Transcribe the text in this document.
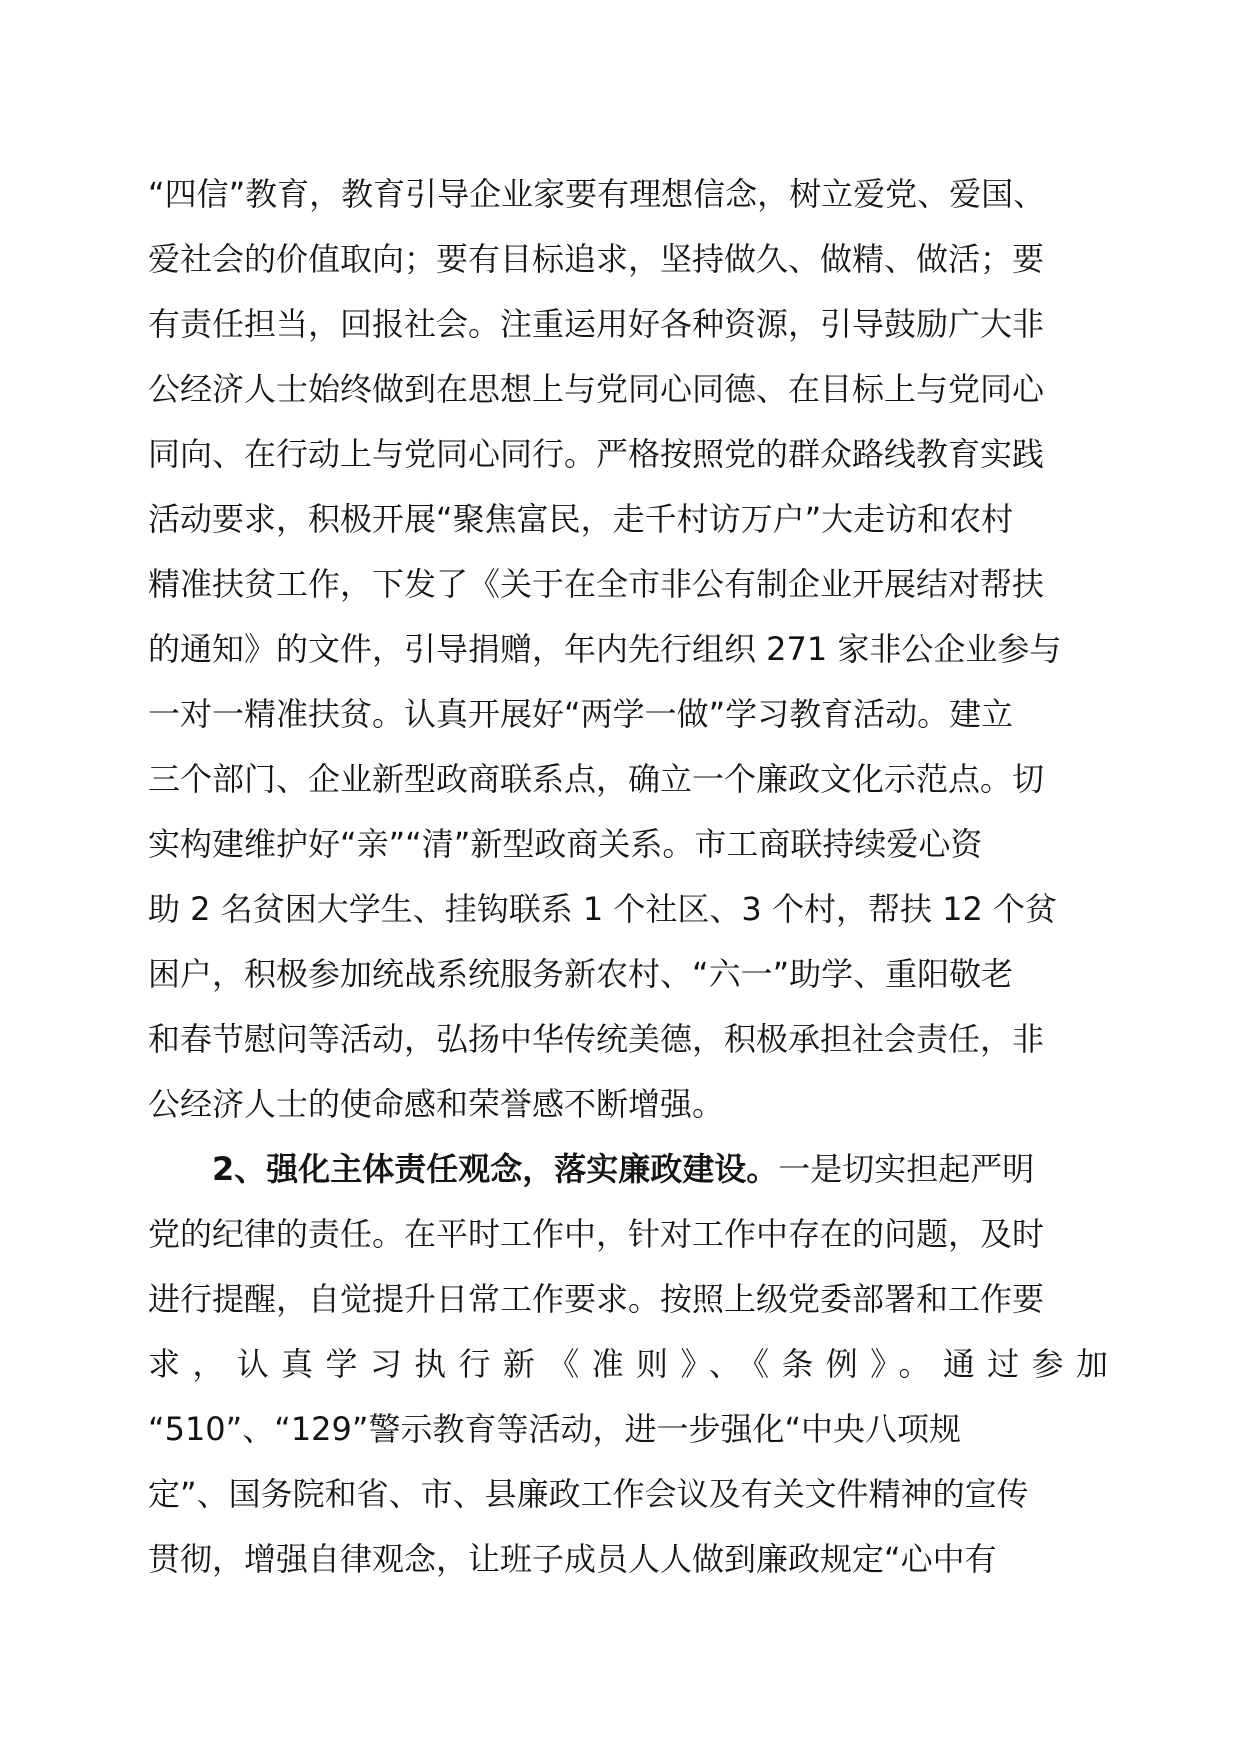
“四信”教育，教育引导企业家要有理想信念，树立爱党、爱国、
爱社会的价值取向；要有目标追求，坚持做久、做精、做活；要
有责任担当，回报社会。注重运用好各种资源，引导鼓励广大非
公经济人士始终做到在思想上与党同心同德、在目标上与党同心
同向、在行动上与党同心同行。严格按照党的群众路线教育实践
活动要求，积极开展“聚焦富民，走千村访万户”大走访和农村
精准扶贫工作，下发了《关于在全市非公有制企业开展结对帮扶
的通知》的文件，引导捐赠，年内先行组织 271 家非公企业参与
一对一精准扶贫。认真开展好“两学一做”学习教育活动。建立
三个部门、企业新型政商联系点，确立一个廉政文化示范点。切
实构建维护好“亲”“清”新型政商关系。市工商联持续爱心资
助 2 名贫困大学生、挂钩联系 1 个社区、3 个村，帮扶 12 个贫
困户，积极参加统战系统服务新农村、“六一”助学、重阳敬老
和春节慰问等活动，弘扬中华传统美德，积极承担社会责任，非
公经济人士的使命感和荣誉感不断增强。
2、强化主体责任观念，落实廉政建设。一是切实担起严明
党的纪律的责任。在平时工作中，针对工作中存在的问题，及时
进行提醒，自觉提升日常工作要求。按照上级党委部署和工作要
求，认真学习执行新《准则》、《条例》。通过参加
“510”、“129”警示教育等活动，进一步强化“中央八项规
定”、国务院和省、市、县廉政工作会议及有关文件精神的宣传
贯彻，增强自律观念，让班子成员人人做到廉政规定“心中有
